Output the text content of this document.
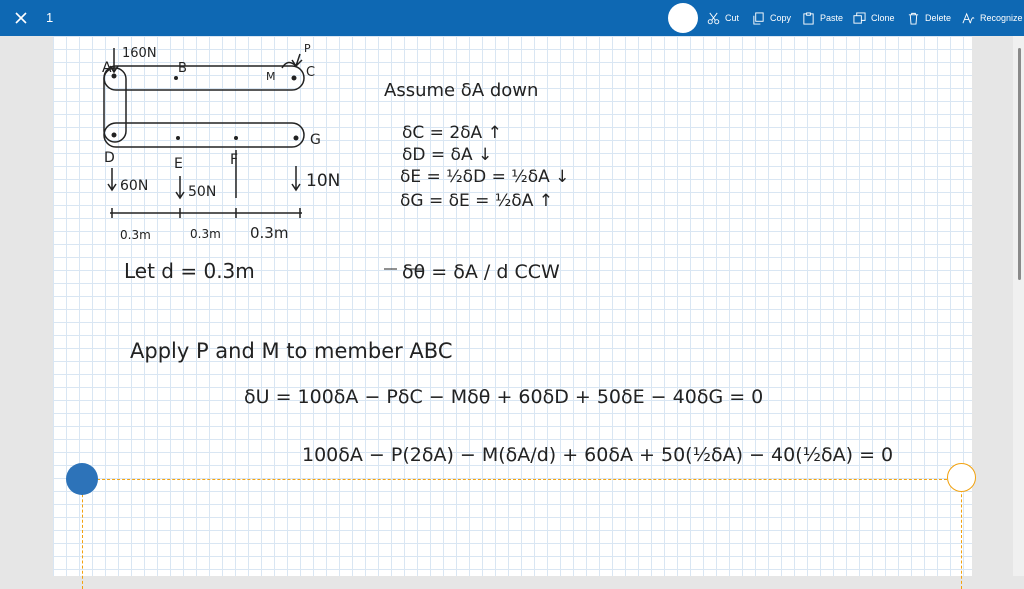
1	Cut	Copy	Paste	Clone	Delete	Recognize
A
160N
B	C
P
M
D	E	F
G
60N	50N
10N
0.3m	0.3m 0.3m
Let d = 0.3m
Assume δA down
δC = 2δA ↑
δD = δA ↓
δE = ½δD = ½δA ↓
δG = δE = ½δA ↑
δθ = δA / d CCW
Apply P and M to member ABC
δU = 100δA − PδC − Mδθ + 60δD + 50δE − 40δG = 0
100δA − P(2δA) − M(δA/d) + 60δA + 50(½δA) − 40(½δA) = 0
